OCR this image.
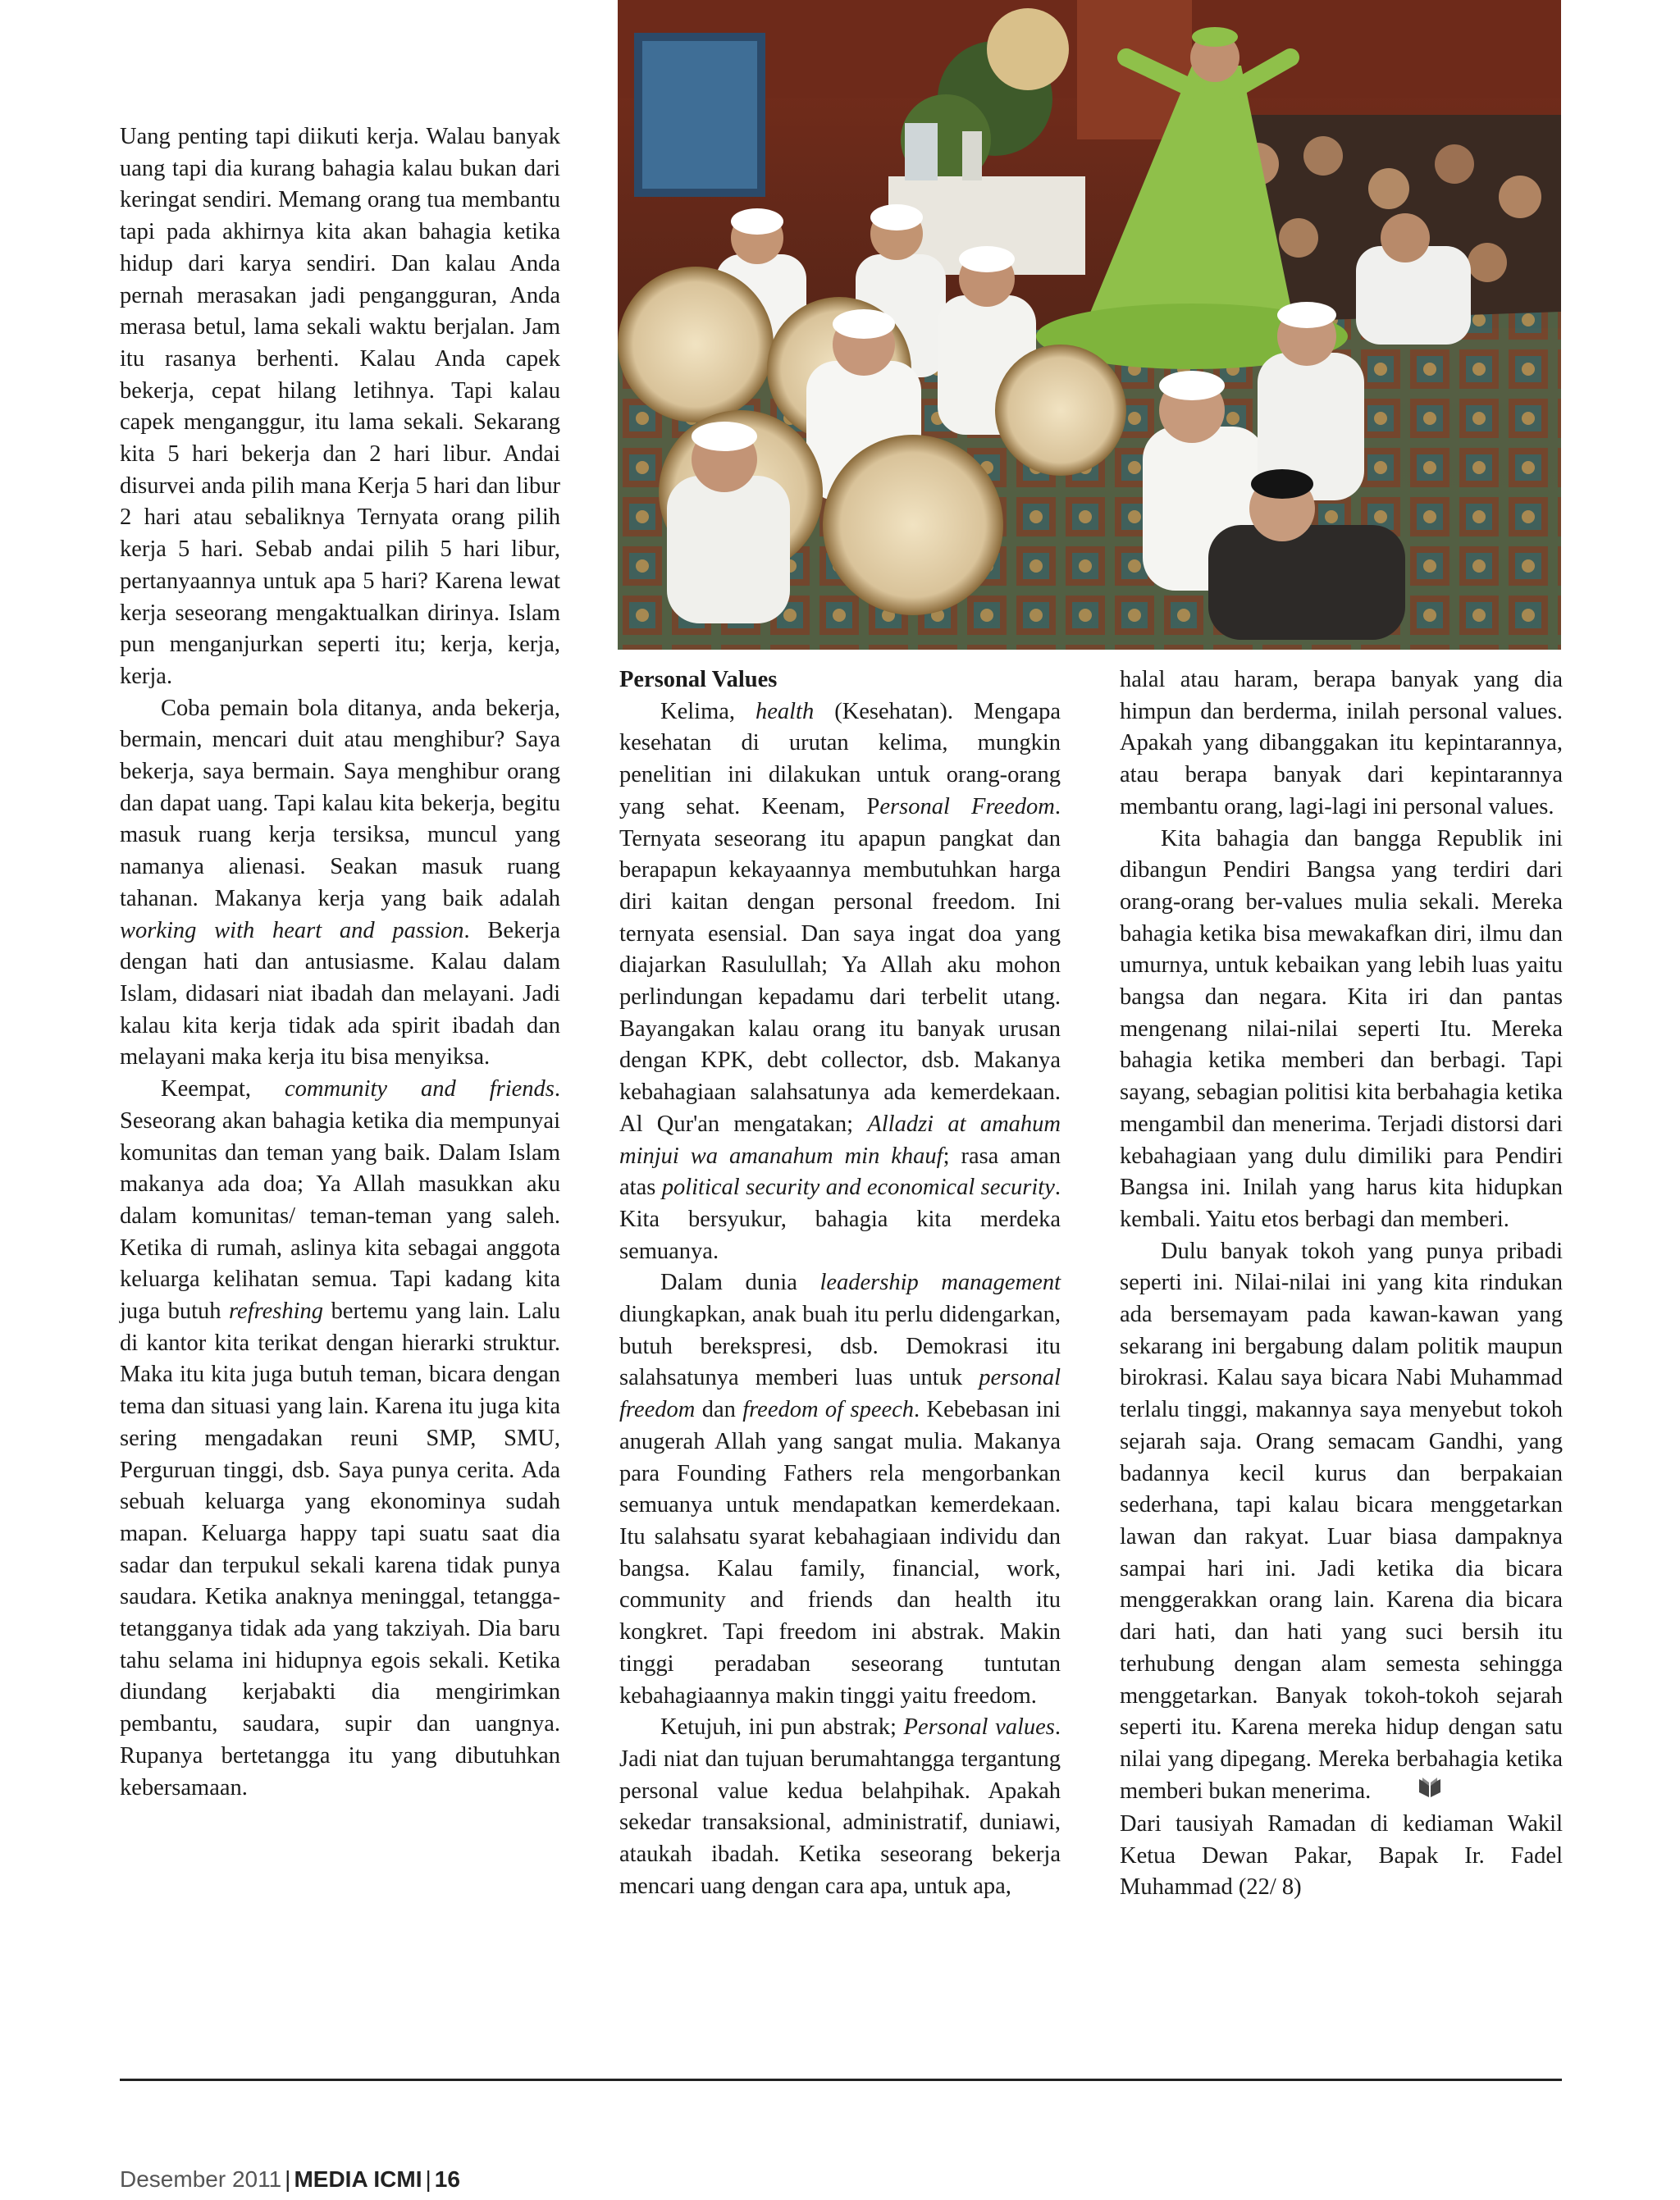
Uang penting tapi diikuti kerja. Walau banyak uang tapi dia kurang bahagia kalau bukan dari keringat sendiri. Memang orang tua membantu tapi pada akhirnya kita akan bahagia ketika hidup dari karya sendiri. Dan kalau Anda pernah merasakan jadi pengangguran, Anda merasa betul, lama sekali waktu berjalan. Jam itu rasanya berhenti. Kalau Anda capek bekerja, cepat hilang letihnya. Tapi kalau capek menganggur, itu lama sekali. Sekarang kita 5 hari bekerja dan 2 hari libur. Andai disurvei anda pilih mana Kerja 5 hari dan libur 2 hari atau sebaliknya Ternyata orang pilih kerja 5 hari. Sebab andai pilih 5 hari libur, pertanyaannya untuk apa 5 hari? Karena lewat kerja seseorang mengaktualkan dirinya. Islam pun menganjurkan seperti itu; kerja, kerja, kerja.

Coba pemain bola ditanya, anda bekerja, bermain, mencari duit atau menghibur? Saya bekerja, saya bermain. Saya menghibur orang dan dapat uang. Tapi kalau kita bekerja, begitu masuk ruang kerja tersiksa, muncul yang namanya alienasi. Seakan masuk ruang tahanan. Makanya kerja yang baik adalah working with heart and passion. Bekerja dengan hati dan antusiasme. Kalau dalam Islam, didasari niat ibadah dan melayani. Jadi kalau kita kerja tidak ada spirit ibadah dan melayani maka kerja itu bisa menyiksa.

Keempat, community and friends. Seseorang akan bahagia ketika dia mempunyai komunitas dan teman yang baik. Dalam Islam makanya ada doa; Ya Allah masukkan aku dalam komunitas/ teman-teman yang saleh. Ketika di rumah, aslinya kita sebagai anggota keluarga kelihatan semua. Tapi kadang kita juga butuh refreshing bertemu yang lain. Lalu di kantor kita terikat dengan hierarki struktur. Maka itu kita juga butuh teman, bicara dengan tema dan situasi yang lain. Karena itu juga kita sering mengadakan reuni SMP, SMU, Perguruan tinggi, dsb. Saya punya cerita. Ada sebuah keluarga yang ekonominya sudah mapan. Keluarga happy tapi suatu saat dia sadar dan terpukul sekali karena tidak punya saudara. Ketika anaknya meninggal, tetangga-tetangganya tidak ada yang takziyah. Dia baru tahu selama ini hidupnya egois sekali. Ketika diundang kerjabakti dia mengirimkan pembantu, saudara, supir dan uangnya. Rupanya bertetangga itu yang dibutuhkan kebersamaan.

Personal Values

Kelima, health (Kesehatan). Mengapa kesehatan di urutan kelima, mungkin penelitian ini dilakukan untuk orang-orang yang sehat. Keenam, Personal Freedom. Ternyata seseorang itu apapun pangkat dan berapapun kekayaannya membutuhkan harga diri kaitan dengan personal freedom. Ini ternyata esensial. Dan saya ingat doa yang diajarkan Rasulullah; Ya Allah aku mohon perlindungan kepadamu dari terbelit utang. Bayangakan kalau orang itu banyak urusan dengan KPK, debt collector, dsb. Makanya kebahagiaan salahsatunya ada kemerdekaan. Al Qur'an mengatakan; Alladzi at amahum minjui wa amanahum min khauf; rasa aman atas political security and economical security. Kita bersyukur, bahagia kita merdeka semuanya.

Dalam dunia leadership management diungkapkan, anak buah itu perlu didengarkan, butuh berekspresi, dsb. Demokrasi itu salahsatunya memberi luas untuk personal freedom dan freedom of speech. Kebebasan ini anugerah Allah yang sangat mulia. Makanya para Founding Fathers rela mengorbankan semuanya untuk mendapatkan kemerdekaan. Itu salahsatu syarat kebahagiaan individu dan bangsa. Kalau family, financial, work, community and friends dan health itu kongkret. Tapi freedom ini abstrak. Makin tinggi peradaban seseorang tuntutan kebahagiaannya makin tinggi yaitu freedom.

Ketujuh, ini pun abstrak; Personal values. Jadi niat dan tujuan berumahtangga tergantung personal value kedua belahpihak. Apakah sekedar transaksional, administratif, duniawi, ataukah ibadah. Ketika seseorang bekerja mencari uang dengan cara apa, untuk apa,

halal atau haram, berapa banyak yang dia himpun dan berderma, inilah personal values. Apakah yang dibanggakan itu kepintarannya, atau berapa banyak dari kepintarannya membantu orang, lagi-lagi ini personal values.

Kita bahagia dan bangga Republik ini dibangun Pendiri Bangsa yang terdiri dari orang-orang ber-values mulia sekali. Mereka bahagia ketika bisa mewakafkan diri, ilmu dan umurnya, untuk kebaikan yang lebih luas yaitu bangsa dan negara. Kita iri dan pantas mengenang nilai-nilai seperti Itu. Mereka bahagia ketika memberi dan berbagi. Tapi sayang, sebagian politisi kita berbahagia ketika mengambil dan menerima. Terjadi distorsi dari kebahagiaan yang dulu dimiliki para Pendiri Bangsa ini. Inilah yang harus kita hidupkan kembali. Yaitu etos berbagi dan memberi.

Dulu banyak tokoh yang punya pribadi seperti ini. Nilai-nilai ini yang kita rindukan ada bersemayam pada kawan-kawan yang sekarang ini bergabung dalam politik maupun birokrasi. Kalau saya bicara Nabi Muhammad terlalu tinggi, makannya saya menyebut tokoh sejarah saja. Orang semacam Gandhi, yang badannya kecil kurus dan berpakaian sederhana, tapi kalau bicara menggetarkan lawan dan rakyat. Luar biasa dampaknya sampai hari ini. Jadi ketika dia bicara menggerakkan orang lain. Karena dia bicara dari hati, dan hati yang suci bersih itu terhubung dengan alam semesta sehingga menggetarkan. Banyak tokoh-tokoh sejarah seperti itu. Karena mereka hidup dengan satu nilai yang dipegang. Mereka berbahagia ketika memberi bukan menerima.

Dari tausiyah Ramadan di kediaman Wakil Ketua Dewan Pakar, Bapak Ir. Fadel Muhammad (22/ 8)

Desember 2011 | MEDIA ICMI | 16
